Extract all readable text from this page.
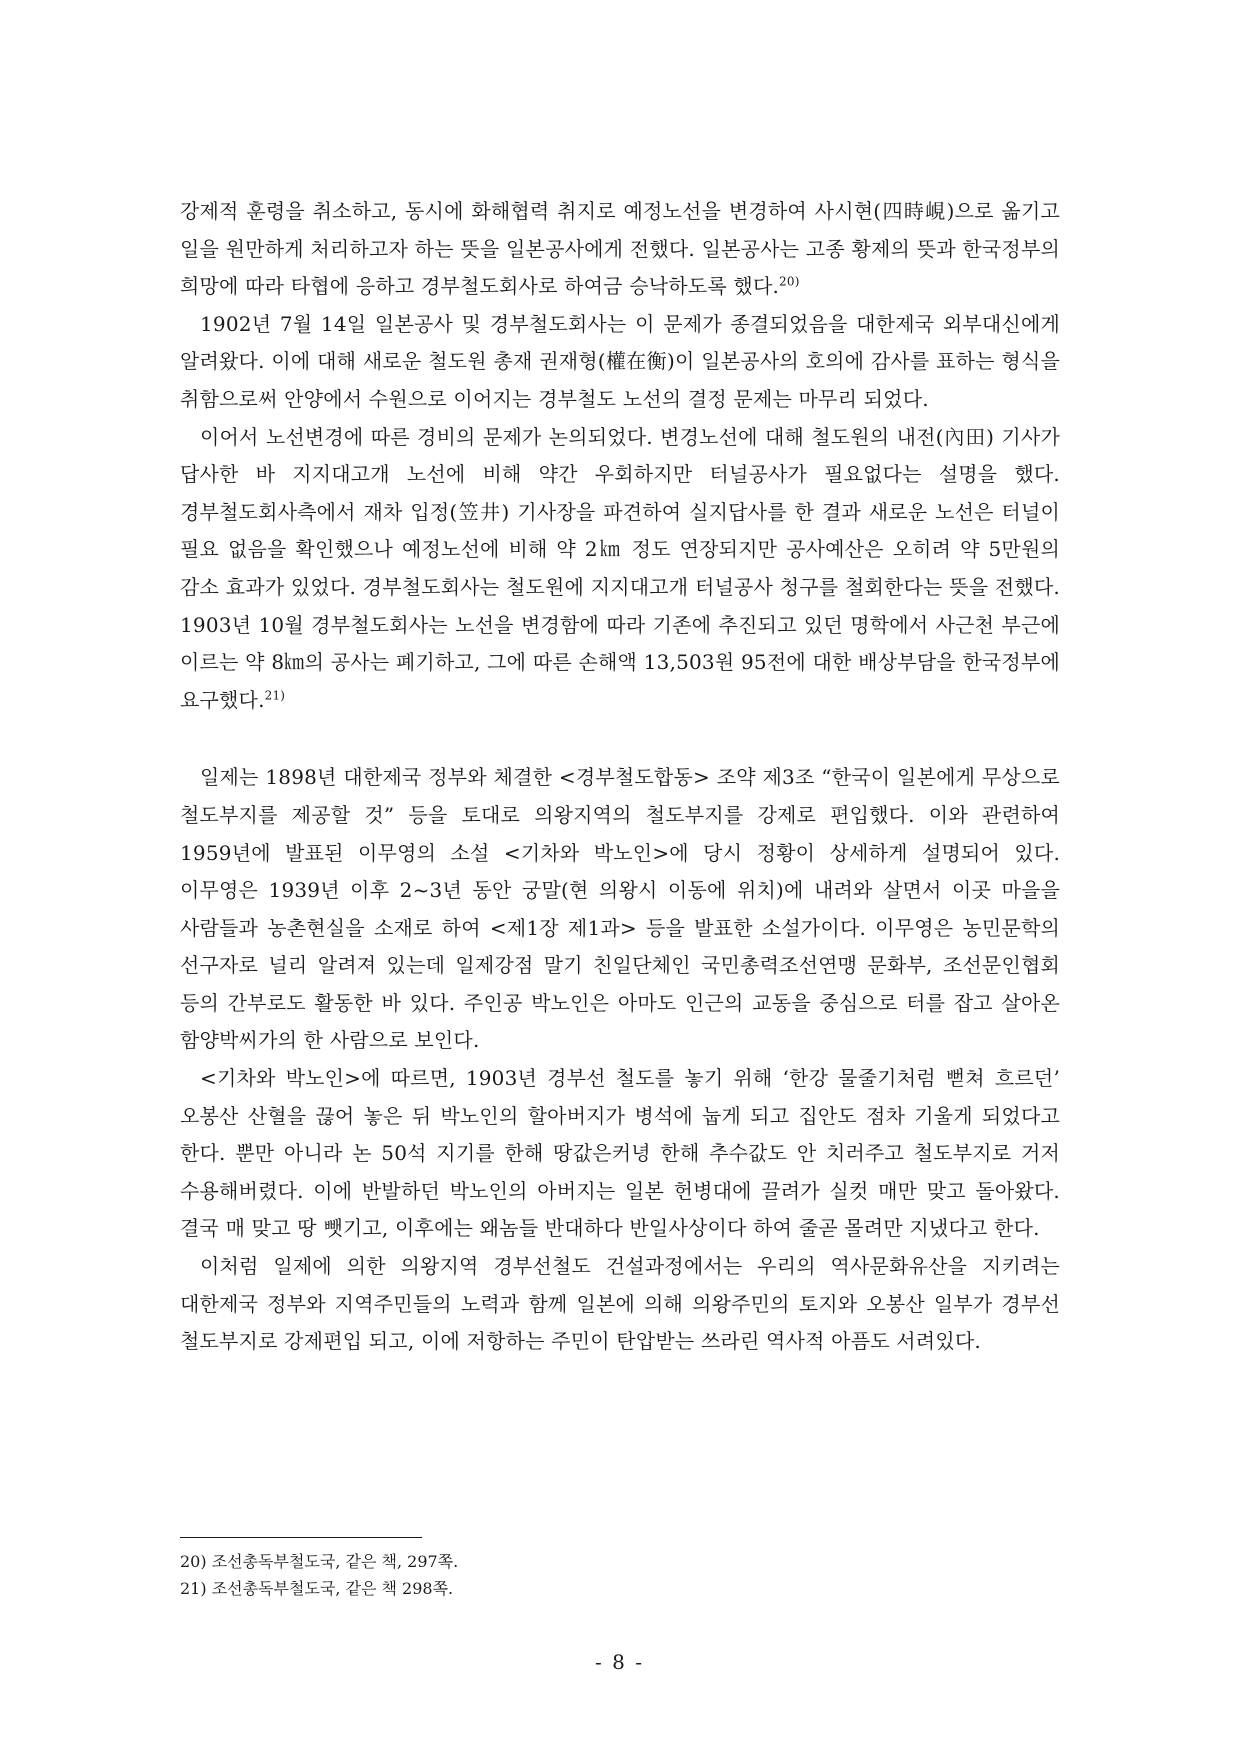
강제적 훈령을 취소하고, 동시에 화해협력 취지로 예정노선을 변경하여 사시현(四時峴)으로 옮기고 일을 원만하게 처리하고자 하는 뜻을 일본공사에게 전했다. 일본공사는 고종 황제의 뜻과 한국정부의 희망에 따라 타협에 응하고 경부철도회사로 하여금 승낙하도록 했다.$^{20)}$

1902년 7월 14일 일본공사 및 경부철도회사는 이 문제가 종결되었음을 대한제국 외부대신에게 알려왔다. 이에 대해 새로운 철도원 총재 권재형(權在衡)이 일본공사의 호의에 감사를 표하는 형식을 취함으로써 안양에서 수원으로 이어지는 경부철도 노선의 결정 문제는 마무리 되었다.

이어서 노선변경에 따른 경비의 문제가 논의되었다. 변경노선에 대해 철도원의 내전(內田) 기사가 답사한 바 지지대고개 노선에 비해 약간 우회하지만 터널공사가 필요없다는 설명을 했다. 경부철도회사측에서 재차 입정(笠井) 기사장을 파견하여 실지답사를 한 결과 새로운 노선은 터널이 필요 없음을 확인했으나 예정노선에 비해 약 2㎞ 정도 연장되지만 공사예산은 오히려 약 5만원의 감소 효과가 있었다. 경부철도회사는 철도원에 지지대고개 터널공사 청구를 철회한다는 뜻을 전했다. 1903년 10월 경부철도회사는 노선을 변경함에 따라 기존에 추진되고 있던 명학에서 사근천 부근에 이르는 약 8㎞의 공사는 폐기하고, 그에 따른 손해액 13,503원 95전에 대한 배상부담을 한국정부에 요구했다.$^{21)}$

일제는 1898년 대한제국 정부와 체결한 <경부철도합동> 조약 제3조 “한국이 일본에게 무상으로 철도부지를 제공할 것” 등을 토대로 의왕지역의 철도부지를 강제로 편입했다. 이와 관련하여 1959년에 발표된 이무영의 소설 <기차와 박노인>에 당시 정황이 상세하게 설명되어 있다. 이무영은 1939년 이후 2~3년 동안 궁말(현 의왕시 이동에 위치)에 내려와 살면서 이곳 마을을 사람들과 농촌현실을 소재로 하여 <제1장 제1과> 등을 발표한 소설가이다. 이무영은 농민문학의 선구자로 널리 알려져 있는데 일제강점 말기 친일단체인 국민총력조선연맹 문화부, 조선문인협회 등의 간부로도 활동한 바 있다. 주인공 박노인은 아마도 인근의 교동을 중심으로 터를 잡고 살아온 함양박씨가의 한 사람으로 보인다.

<기차와 박노인>에 따르면, 1903년 경부선 철도를 놓기 위해 ‘한강 물줄기처럼 뻗쳐 흐르던’ 오봉산 산혈을 끊어 놓은 뒤 박노인의 할아버지가 병석에 눕게 되고 집안도 점차 기울게 되었다고 한다. 뿐만 아니라 논 50석 지기를 한해 땅값은커녕 한해 추수값도 안 치러주고 철도부지로 거저 수용해버렸다. 이에 반발하던 박노인의 아버지는 일본 헌병대에 끌려가 실컷 매만 맞고 돌아왔다. 결국 매 맞고 땅 뺏기고, 이후에는 왜놈들 반대하다 반일사상이다 하여 줄곧 몰려만 지냈다고 한다.

이처럼 일제에 의한 의왕지역 경부선철도 건설과정에서는 우리의 역사문화유산을 지키려는 대한제국 정부와 지역주민들의 노력과 함께 일본에 의해 의왕주민의 토지와 오봉산 일부가 경부선 철도부지로 강제편입 되고, 이에 저항하는 주민이 탄압받는 쓰라린 역사적 아픔도 서려있다.

20) 조선총독부철도국, 같은 책, 297쪽.

21) 조선총독부철도국, 같은 책 298쪽.

- 8 -
